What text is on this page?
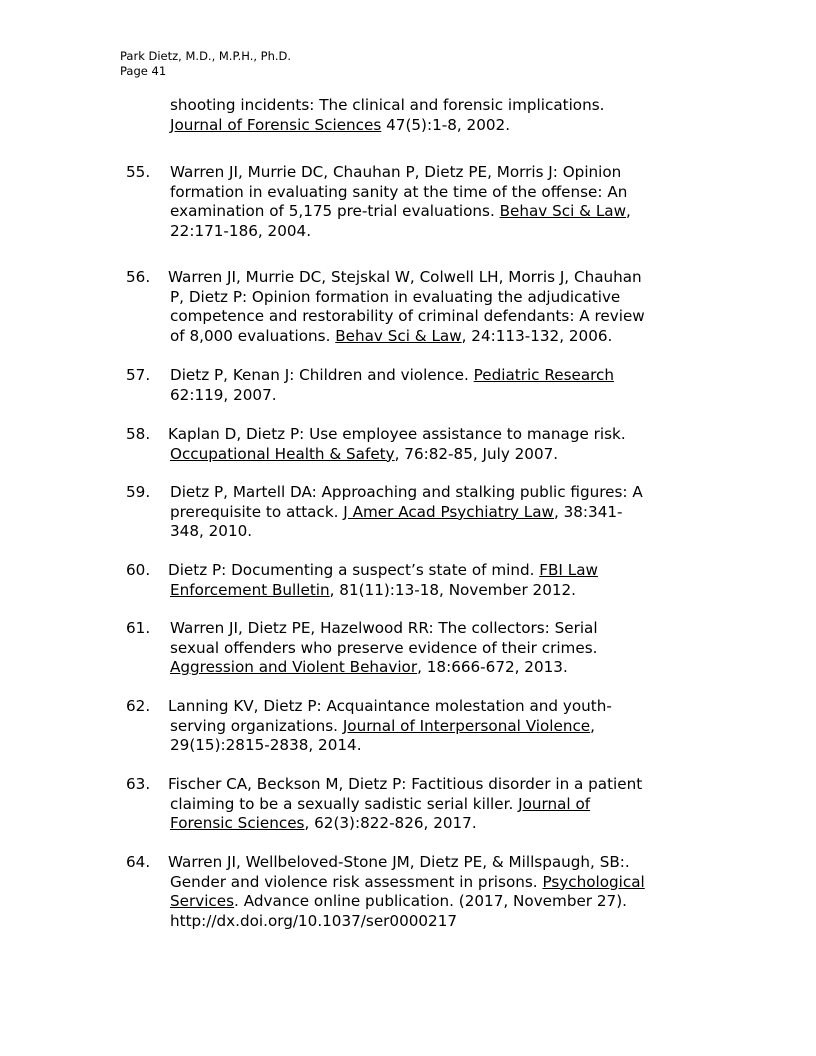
Park Dietz, M.D., M.P.H., Ph.D.
Page 41
shooting incidents: The clinical and forensic implications.
Journal of Forensic Sciences 47(5):1-8, 2002.
55. Warren JI, Murrie DC, Chauhan P, Dietz PE, Morris J: Opinion
formation in evaluating sanity at the time of the offense: An
examination of 5,175 pre-trial evaluations. Behav Sci & Law,
22:171-186, 2004.
56. Warren JI, Murrie DC, Stejskal W, Colwell LH, Morris J, Chauhan
P, Dietz P: Opinion formation in evaluating the adjudicative
competence and restorability of criminal defendants: A review
of 8,000 evaluations. Behav Sci & Law, 24:113-132, 2006.
57. Dietz P, Kenan J: Children and violence. Pediatric Research
62:119, 2007.
58. Kaplan D, Dietz P: Use employee assistance to manage risk.
Occupational Health & Safety, 76:82-85, July 2007.
59. Dietz P, Martell DA: Approaching and stalking public figures: A
prerequisite to attack. J Amer Acad Psychiatry Law, 38:341-
348, 2010.
60. Dietz P: Documenting a suspect’s state of mind. FBI Law
Enforcement Bulletin, 81(11):13-18, November 2012.
61. Warren JI, Dietz PE, Hazelwood RR: The collectors: Serial
sexual offenders who preserve evidence of their crimes.
Aggression and Violent Behavior, 18:666-672, 2013.
62. Lanning KV, Dietz P: Acquaintance molestation and youth-
serving organizations. Journal of Interpersonal Violence,
29(15):2815-2838, 2014.
63. Fischer CA, Beckson M, Dietz P: Factitious disorder in a patient
claiming to be a sexually sadistic serial killer. Journal of
Forensic Sciences, 62(3):822-826, 2017.
64. Warren JI, Wellbeloved-Stone JM, Dietz PE, & Millspaugh, SB:.
Gender and violence risk assessment in prisons. Psychological
Services. Advance online publication. (2017, November 27).
http://dx.doi.org/10.1037/ser0000217
